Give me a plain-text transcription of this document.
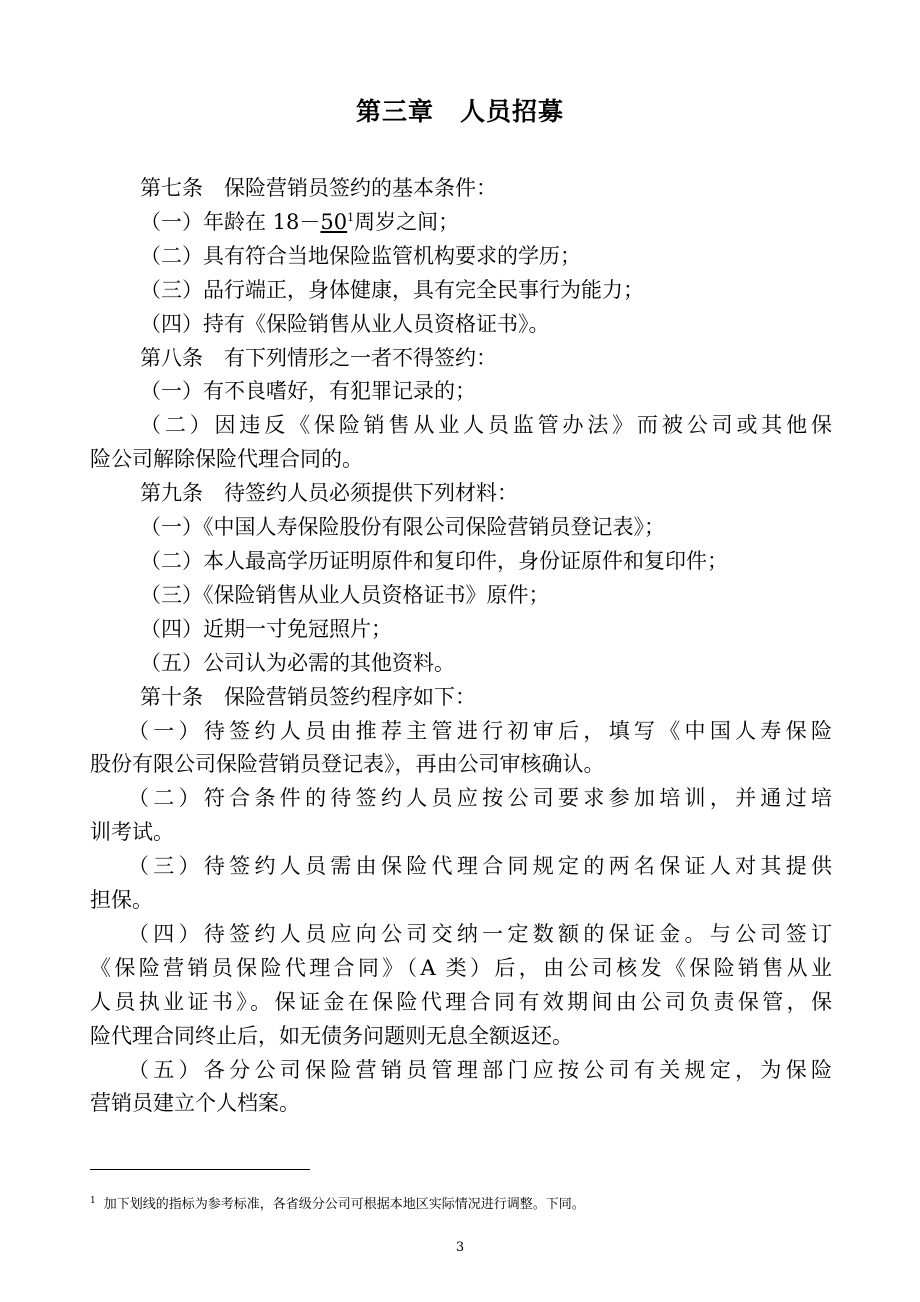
第三章 人员招募
第七条　保险营销员签约的基本条件：
（一）年龄在 $18-50^1$周岁之间；
（二）具有符合当地保险监管机构要求的学历；
（三）品行端正，身体健康，具有完全民事行为能力；
（四）持有《保险销售从业人员资格证书》。
第八条　有下列情形之一者不得签约：
（一）有不良嗜好，有犯罪记录的；
（二）因违反《保险销售从业人员监管办法》而被公司或其他保
险公司解除保险代理合同的。
第九条　待签约人员必须提供下列材料：
（一）《中国人寿保险股份有限公司保险营销员登记表》；
（二）本人最高学历证明原件和复印件，身份证原件和复印件；
（三）《保险销售从业人员资格证书》原件；
（四）近期一寸免冠照片；
（五）公司认为必需的其他资料。
第十条　保险营销员签约程序如下：
（一）待签约人员由推荐主管进行初审后，填写《中国人寿保险
股份有限公司保险营销员登记表》，再由公司审核确认。
（二）符合条件的待签约人员应按公司要求参加培训，并通过培
训考试。
（三）待签约人员需由保险代理合同规定的两名保证人对其提供
担保。
（四）待签约人员应向公司交纳一定数额的保证金。与公司签订
《保险营销员保险代理合同》（A 类）后，由公司核发《保险销售从业
人员执业证书》。保证金在保险代理合同有效期间由公司负责保管，保
险代理合同终止后，如无债务问题则无息全额返还。
（五）各分公司保险营销员管理部门应按公司有关规定，为保险
营销员建立个人档案。
$^1$ 加下划线的指标为参考标准，各省级分公司可根据本地区实际情况进行调整。下同。
3
